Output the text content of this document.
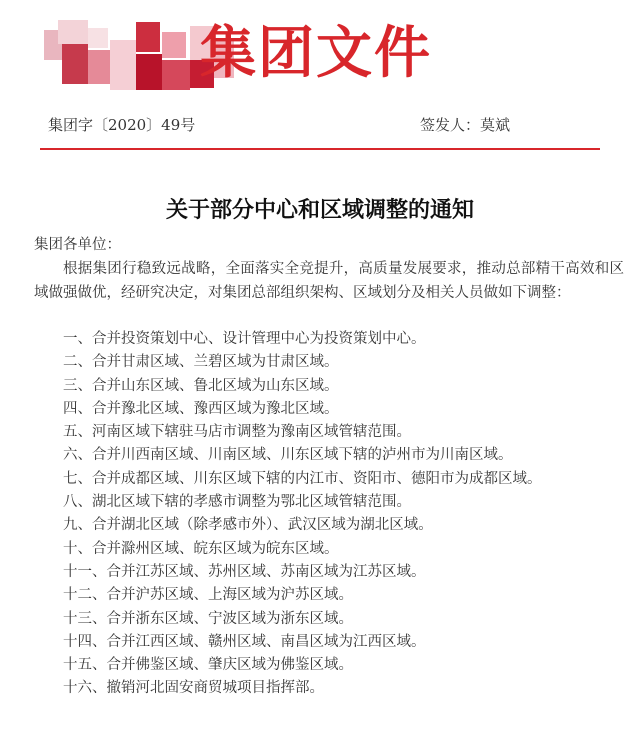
集团文件
集团字〔2020〕49号	签发人：莫斌
关于部分中心和区域调整的通知
集团各单位：
根据集团行稳致远战略，全面落实全竞提升，高质量发展要求，推动总部精干高效和区域做强做优，经研究决定，对集团总部组织架构、区域划分及相关人员做如下调整：
一、合并投资策划中心、设计管理中心为投资策划中心。
二、合并甘肃区域、兰碧区域为甘肃区域。
三、合并山东区域、鲁北区域为山东区域。
四、合并豫北区域、豫西区域为豫北区域。
五、河南区域下辖驻马店市调整为豫南区域管辖范围。
六、合并川西南区域、川南区域、川东区域下辖的泸州市为川南区域。
七、合并成都区域、川东区域下辖的内江市、资阳市、德阳市为成都区域。
八、湖北区域下辖的孝感市调整为鄂北区域管辖范围。
九、合并湖北区域（除孝感市外）、武汉区域为湖北区域。
十、合并滁州区域、皖东区域为皖东区域。
十一、合并江苏区域、苏州区域、苏南区域为江苏区域。
十二、合并沪苏区域、上海区域为沪苏区域。
十三、合并浙东区域、宁波区域为浙东区域。
十四、合并江西区域、赣州区域、南昌区域为江西区域。
十五、合并佛鉴区域、肇庆区域为佛鉴区域。
十六、撤销河北固安商贸城项目指挥部。
